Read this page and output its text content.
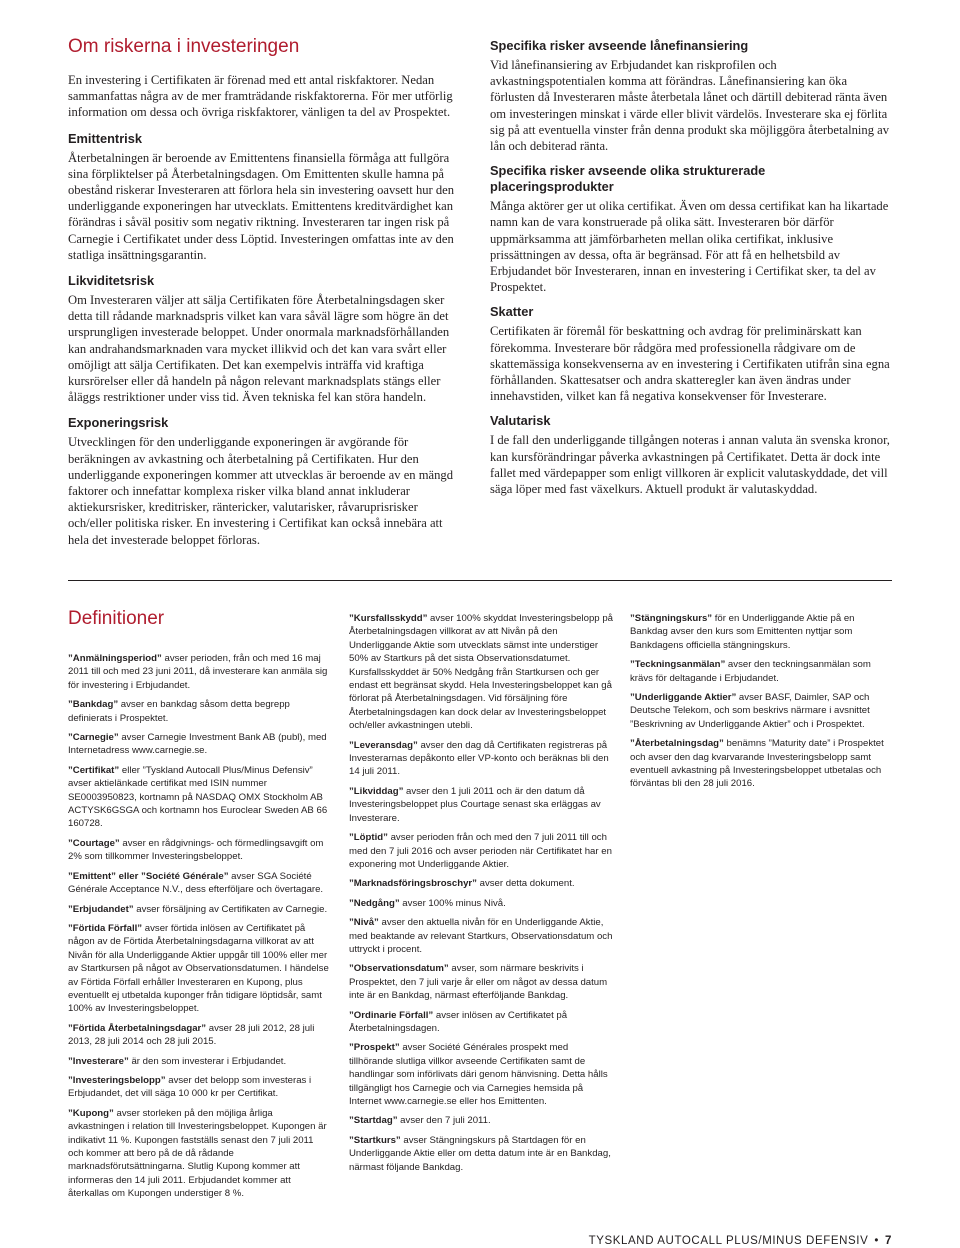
Om riskerna i investeringen

En investering i Certifikaten är förenad med ett antal riskfaktorer. Nedan sammanfattas några av de mer framträdande riskfaktorerna. För mer utförlig information om dessa och övriga riskfaktorer, vänligen ta del av Prospektet.

Emittentrisk

Återbetalningen är beroende av Emittentens finansiella förmåga att fullgöra sina förpliktelser på Återbetalningsdagen. Om Emittenten skulle hamna på obestånd riskerar Investeraren att förlora hela sin investering oavsett hur den underliggande exponeringen har utvecklats. Emittentens kreditvärdighet kan förändras i såväl positiv som negativ riktning. Investeraren tar ingen risk på Carnegie i Certifikatet under dess Löptid. Investeringen omfattas inte av den statliga insättningsgarantin.

Likviditetsrisk

Om Investeraren väljer att sälja Certifikaten före Återbetalningsdagen sker detta till rådande marknadspris vilket kan vara såväl lägre som högre än det ursprungligen investerade beloppet. Under onormala marknadsförhållanden kan andrahandsmarknaden vara mycket illikvid och det kan vara svårt eller omöjligt att sälja Certifikaten. Det kan exempelvis inträffa vid kraftiga kursrörelser eller då handeln på någon relevant marknadsplats stängs eller åläggs restriktioner under viss tid. Även tekniska fel kan störa handeln.

Exponeringsrisk

Utvecklingen för den underliggande exponeringen är avgörande för beräkningen av avkastning och återbetalning på Certifikaten. Hur den underliggande exponeringen kommer att utvecklas är beroende av en mängd faktorer och innefattar komplexa risker vilka bland annat inkluderar aktiekursrisker, kreditrisker, räntericker, valutarisker, råvaruprisrisker och/eller politiska risker. En investering i Certifikat kan också innebära att hela det investerade beloppet förloras.

Specifika risker avseende lånefinansiering

Vid lånefinansiering av Erbjudandet kan riskprofilen och avkastningspotentialen komma att förändras. Lånefinansiering kan öka förlusten då Investeraren måste återbetala lånet och därtill debiterad ränta även om investeringen minskat i värde eller blivit värdelös. Investerare ska ej förlita sig på att eventuella vinster från denna produkt ska möjliggöra återbetalning av lån och debiterad ränta.

Specifika risker avseende olika strukturerade placeringsprodukter

Många aktörer ger ut olika certifikat. Även om dessa certifikat kan ha likartade namn kan de vara konstruerade på olika sätt. Investeraren bör därför uppmärksamma att jämförbarheten mellan olika certifikat, inklusive prissättningen av dessa, ofta är begränsad. För att få en helhetsbild av Erbjudandet bör Investeraren, innan en investering i Certifikat sker, ta del av Prospektet.

Skatter

Certifikaten är föremål för beskattning och avdrag för preliminärskatt kan förekomma. Investerare bör rådgöra med professionella rådgivare om de skattemässiga konsekvenserna av en investering i Certifikaten utifrån sina egna förhållanden. Skattesatser och andra skatteregler kan även ändras under innehavstiden, vilket kan få negativa konsekvenser för Investerare.

Valutarisk

I de fall den underliggande tillgången noteras i annan valuta än svenska kronor, kan kursförändringar påverka avkastningen på Certifikatet. Detta är dock inte fallet med värdepapper som enligt villkoren är explicit valutaskyddade, det vill säga löper med fast växelkurs. Aktuell produkt är valutaskyddad.

Definitioner

”Anmälningsperiod” avser perioden, från och med 16 maj 2011 till och med 23 juni 2011, då investerare kan anmäla sig för investering i Erbjudandet.

”Bankdag” avser en bankdag såsom detta begrepp definierats i Prospektet.

”Carnegie” avser Carnegie Investment Bank AB (publ), med Internetadress www.carnegie.se.

”Certifikat” eller ”Tyskland Autocall Plus/Minus Defensiv” avser aktielänkade certifikat med ISIN nummer SE0003950823, kortnamn på NASDAQ OMX Stockholm AB ACTYSK6GSGA och kortnamn hos Euroclear Sweden AB 66 160728.

”Courtage” avser en rådgivnings- och förmedlingsavgift om 2% som tillkommer Investeringsbeloppet.

”Emittent” eller ”Société Générale” avser SGA Société Générale Acceptance N.V., dess efterföljare och övertagare.

”Erbjudandet” avser försäljning av Certifikaten av Carnegie.

”Förtida Förfall” avser förtida inlösen av Certifikatet på någon av de Förtida Återbetalningsdagarna villkorat av att Nivån för alla Underliggande Aktier uppgår till 100% eller mer av Startkursen på något av Observationsdatumen. I händelse av Förtida Förfall erhåller Investeraren en Kupong, plus eventuellt ej utbetalda kuponger från tidigare löptidsår, samt 100% av Investeringsbeloppet.

”Förtida Återbetalningsdagar” avser 28 juli 2012, 28 juli 2013, 28 juli 2014 och 28 juli 2015.

”Investerare” är den som investerar i Erbjudandet.

”Investeringsbelopp” avser det belopp som investeras i Erbjudandet, det vill säga 10 000 kr per Certifikat.

”Kupong” avser storleken på den möjliga årliga avkastningen i relation till Investeringsbeloppet. Kupongen är indikativt 11 %. Kupongen fastställs senast den 7 juli 2011 och kommer att bero på de då rådande marknadsförutsättningarna. Slutlig Kupong kommer att informeras den 14 juli 2011. Erbjudandet kommer att återkallas om Kupongen understiger 8 %.

”Kursfallsskydd” avser 100% skyddat Investeringsbelopp på Återbetalningsdagen villkorat av att Nivån på den Underliggande Aktie som utvecklats sämst inte understiger 50% av Startkurs på det sista Observationsdatumet. Kursfallsskyddet är 50% Nedgång från Startkursen och ger endast ett begränsat skydd. Hela Investeringsbeloppet kan gå förlorat på Återbetalningsdagen. Vid försäljning före Återbetalningsdagen kan dock delar av Investeringsbeloppet och/eller avkastningen utebli.

”Leveransdag” avser den dag då Certifikaten registreras på Investerarnas depåkonto eller VP-konto och beräknas bli den 14 juli 2011.

”Likviddag” avser den 1 juli 2011 och är den datum då Investeringsbeloppet plus Courtage senast ska erläggas av Investerare.

”Löptid” avser perioden från och med den 7 juli 2011 till och med den 7 juli 2016 och avser perioden när Certifikatet har en exponering mot Underliggande Aktier.

”Marknadsföringsbroschyr” avser detta dokument.

”Nedgång” avser 100% minus Nivå.

”Nivå” avser den aktuella nivån för en Underliggande Aktie, med beaktande av relevant Startkurs, Observationsdatum och uttryckt i procent.

”Observationsdatum” avser, som närmare beskrivits i Prospektet, den 7 juli varje år eller om något av dessa datum inte är en Bankdag, närmast efterföljande Bankdag.

”Ordinarie Förfall” avser inlösen av Certifikatet på Återbetalningsdagen.

”Prospekt” avser Société Générales prospekt med tillhörande slutliga villkor avseende Certifikaten samt de handlingar som införlivats däri genom hänvisning. Detta hålls tillgängligt hos Carnegie och via Carnegies hemsida på Internet www.carnegie.se eller hos Emittenten.

”Startdag” avser den 7 juli 2011.

”Startkurs” avser Stängningskurs på Startdagen för en Underliggande Aktie eller om detta datum inte är en Bankdag, närmast följande Bankdag.

”Stängningskurs” för en Underliggande Aktie på en Bankdag avser den kurs som Emittenten nyttjar som Bankdagens officiella stängningskurs.

”Teckningsanmälan” avser den teckningsanmälan som krävs för deltagande i Erbjudandet.

”Underliggande Aktier” avser BASF, Daimler, SAP och Deutsche Telekom, och som beskrivs närmare i avsnittet ”Beskrivning av Underliggande Aktier” och i Prospektet.

”Återbetalningsdag” benämns ”Maturity date” i Prospektet och avser den dag kvarvarande Investeringsbelopp samt eventuell avkastning på Investeringsbeloppet utbetalas och förväntas bli den 28 juli 2016.

TYSKLAND AUTOCALL PLUS/MINUS DEFENSIV • 7
